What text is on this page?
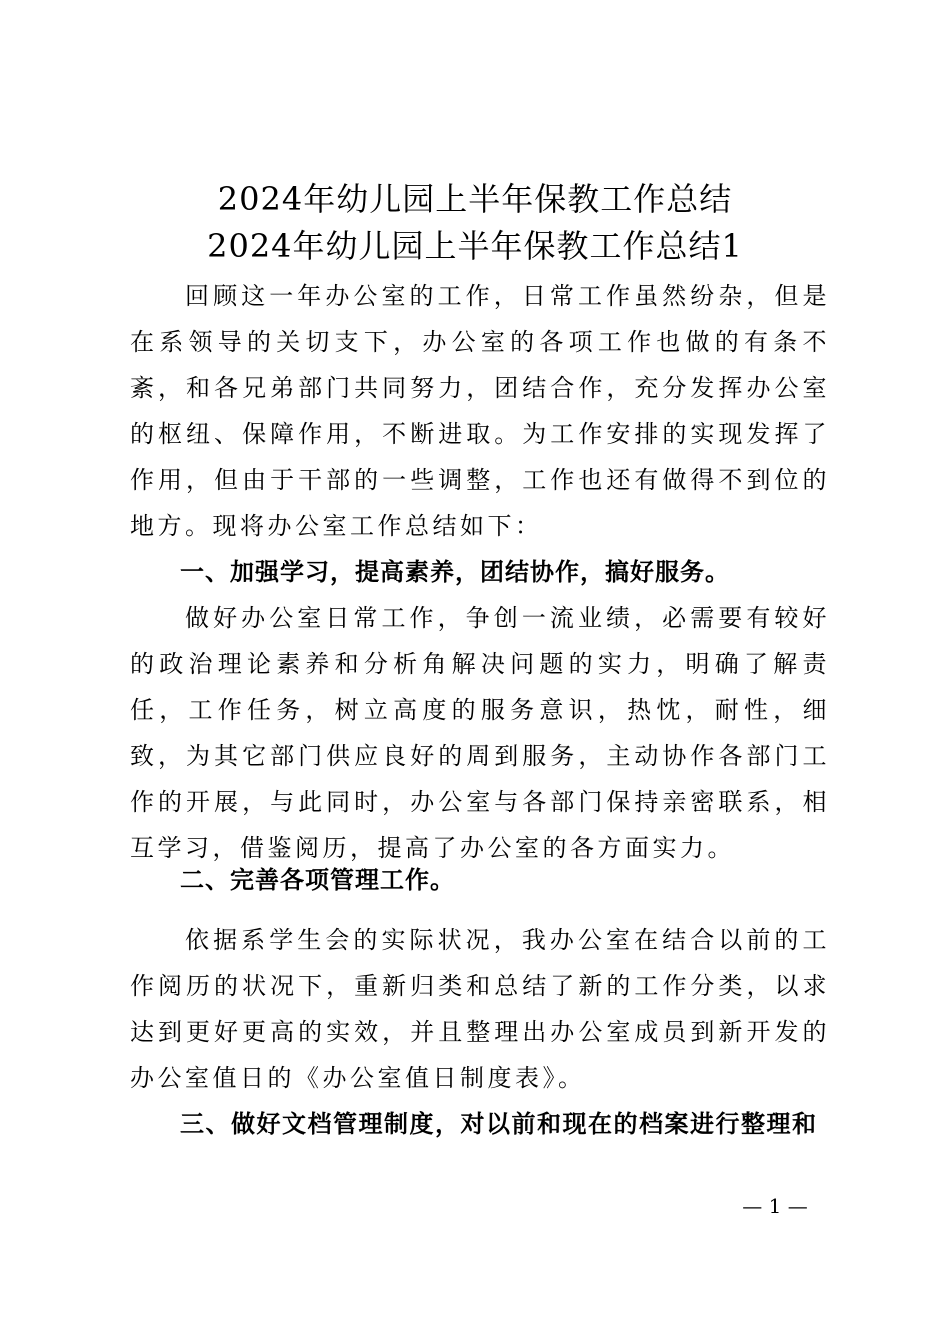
2024年幼儿园上半年保教工作总结
2024年幼儿园上半年保教工作总结1

回顾这一年办公室的工作，日常工作虽然纷杂，但是在系领导的关切支下，办公室的各项工作也做的有条不紊，和各兄弟部门共同努力，团结合作，充分发挥办公室的枢纽、保障作用，不断进取。为工作安排的实现发挥了作用，但由于干部的一些调整，工作也还有做得不到位的地方。现将办公室工作总结如下：

一、加强学习，提高素养，团结协作，搞好服务。

做好办公室日常工作，争创一流业绩，必需要有较好的政治理论素养和分析角解决问题的实力，明确了解责任，工作任务，树立高度的服务意识，热忱，耐性，细致，为其它部门供应良好的周到服务，主动协作各部门工作的开展，与此同时，办公室与各部门保持亲密联系，相互学习，借鉴阅历，提高了办公室的各方面实力。

二、完善各项管理工作。

依据系学生会的实际状况，我办公室在结合以前的工作阅历的状况下，重新归类和总结了新的工作分类，以求达到更好更高的实效，并且整理出办公室成员到新开发的办公室值日的《办公室值日制度表》。

三、做好文档管理制度，对以前和现在的档案进行整理和

— 1 —
